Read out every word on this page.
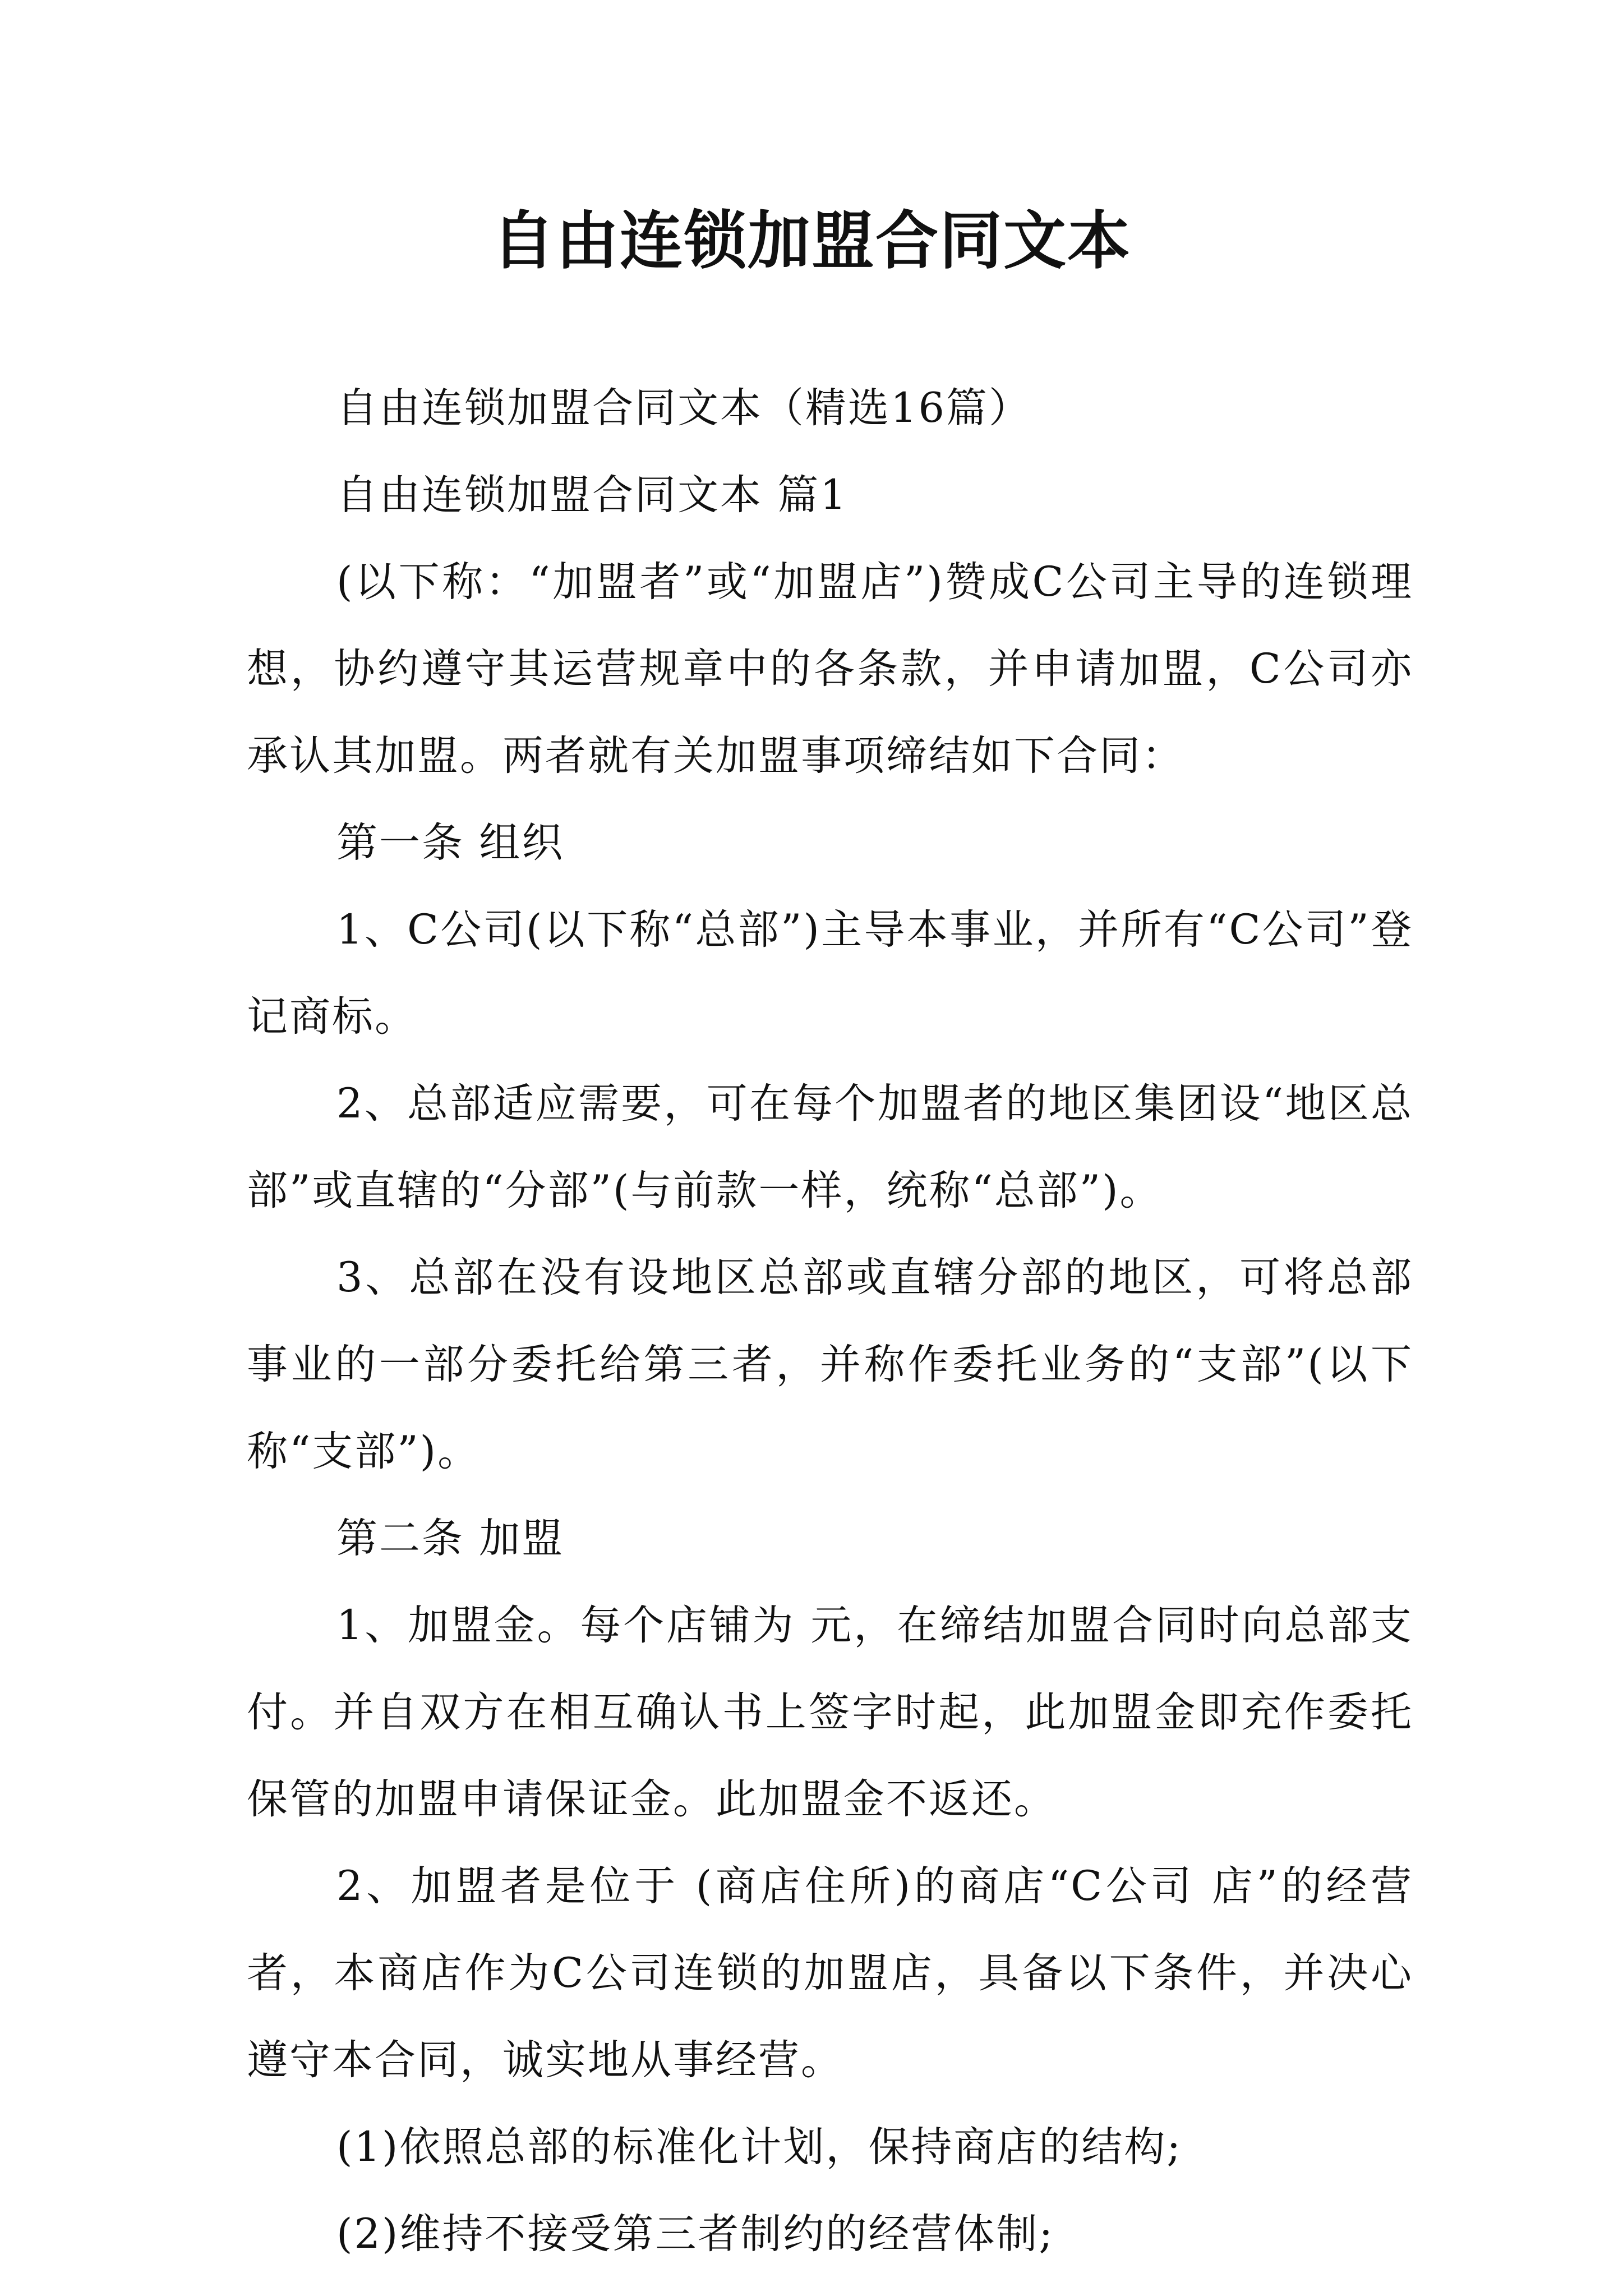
自由连锁加盟合同文本

自由连锁加盟合同文本（精选16篇）

自由连锁加盟合同文本 篇1

(以下称：“加盟者”或“加盟店”)赞成C公司主导的连锁理想，协约遵守其运营规章中的各条款，并申请加盟，C公司亦承认其加盟。两者就有关加盟事项缔结如下合同：

第一条 组织

1、C公司(以下称“总部”)主导本事业，并所有“C公司”登记商标。

2、总部适应需要，可在每个加盟者的地区集团设“地区总部”或直辖的“分部”(与前款一样，统称“总部”)。

3、总部在没有设地区总部或直辖分部的地区，可将总部事业的一部分委托给第三者，并称作委托业务的“支部”(以下称“支部”)。

第二条 加盟

1、加盟金。每个店铺为 元，在缔结加盟合同时向总部支付。并自双方在相互确认书上签字时起，此加盟金即充作委托保管的加盟申请保证金。此加盟金不返还。

2、加盟者是位于 (商店住所)的商店“C公司 店”的经营者，本商店作为C公司连锁的加盟店，具备以下条件，并决心遵守本合同，诚实地从事经营。

(1)依照总部的标准化计划，保持商店的结构;

(2)维持不接受第三者制约的经营体制;
